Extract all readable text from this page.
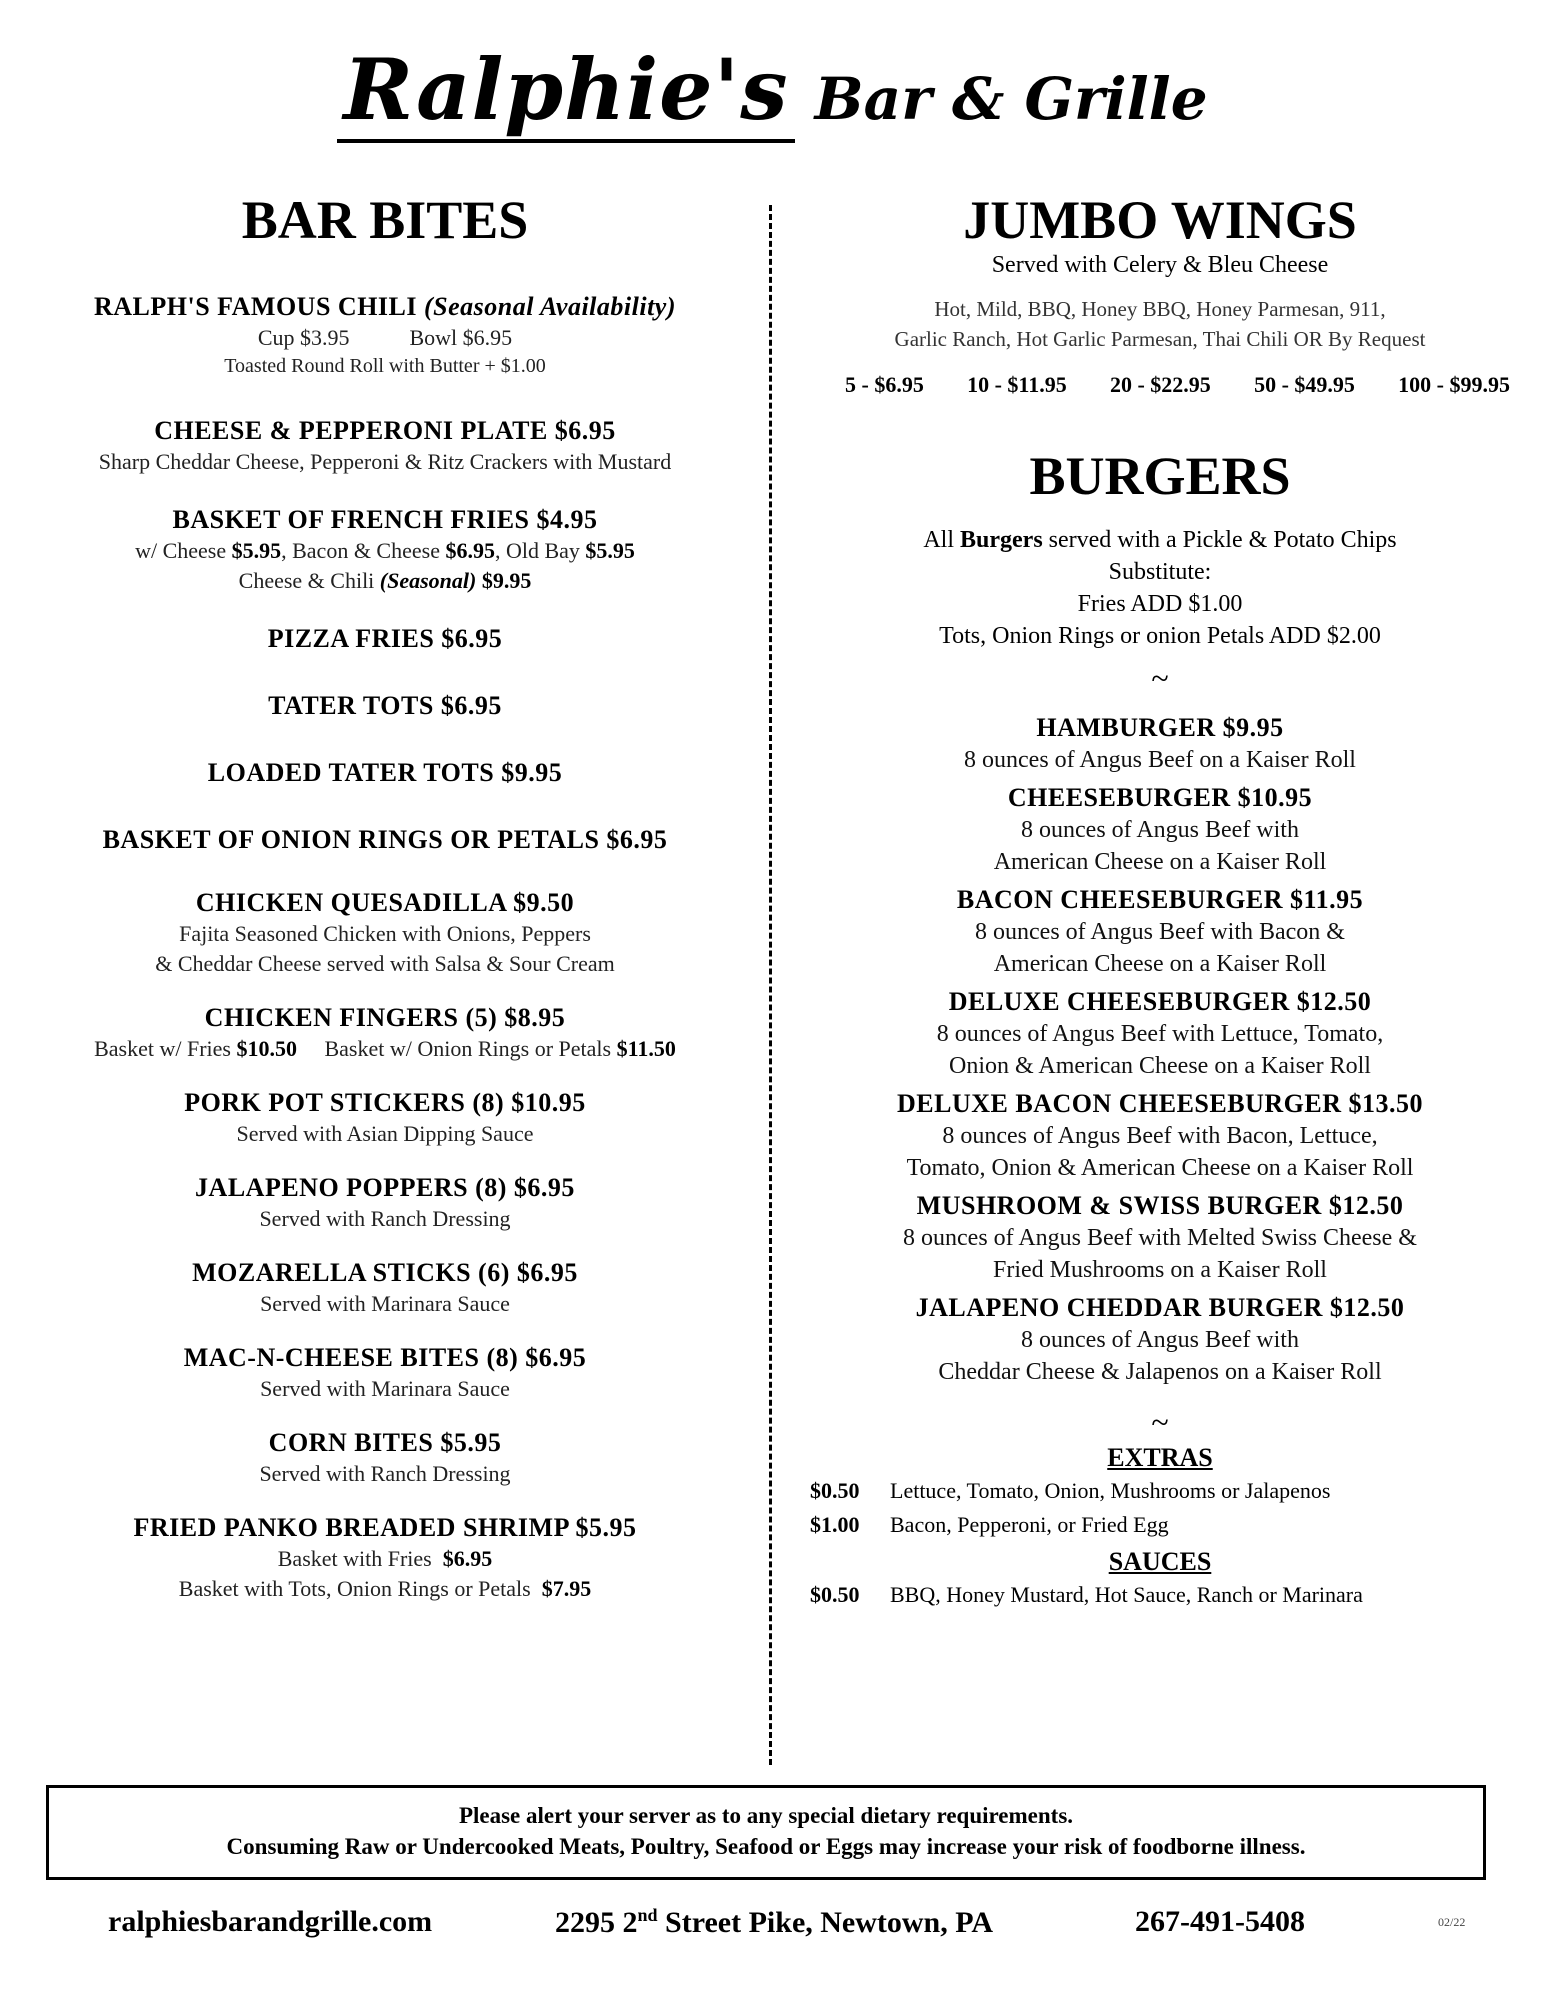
Ralphie's Bar & Grille
BAR BITES
RALPH'S FAMOUS CHILI (Seasonal Availability)
Cup $3.95	Bowl $6.95
Toasted Round Roll with Butter + $1.00
CHEESE & PEPPERONI PLATE $6.95
Sharp Cheddar Cheese, Pepperoni & Ritz Crackers with Mustard
BASKET OF FRENCH FRIES $4.95
w/ Cheese $5.95, Bacon & Cheese $6.95, Old Bay $5.95
Cheese & Chili (Seasonal) $9.95
PIZZA FRIES $6.95
TATER TOTS $6.95
LOADED TATER TOTS $9.95
BASKET OF ONION RINGS OR PETALS $6.95
CHICKEN QUESADILLA $9.50
Fajita Seasoned Chicken with Onions, Peppers
& Cheddar Cheese served with Salsa & Sour Cream
CHICKEN FINGERS (5) $8.95
Basket w/ Fries $10.50     Basket w/ Onion Rings or Petals $11.50
PORK POT STICKERS (8) $10.95
Served with Asian Dipping Sauce
JALAPENO POPPERS (8) $6.95
Served with Ranch Dressing
MOZARELLA STICKS (6) $6.95
Served with Marinara Sauce
MAC-N-CHEESE BITES (8) $6.95
Served with Marinara Sauce
CORN BITES $5.95
Served with Ranch Dressing
FRIED PANKO BREADED SHRIMP $5.95
Basket with Fries  $6.95
Basket with Tots, Onion Rings or Petals  $7.95
JUMBO WINGS
Served with Celery & Bleu Cheese
Hot, Mild, BBQ, Honey BBQ, Honey Parmesan, 911,
Garlic Ranch, Hot Garlic Parmesan, Thai Chili OR By Request
5 - $6.95 10 - $11.95 20 - $22.95 50 - $49.95 100 - $99.95
BURGERS
All Burgers served with a Pickle & Potato Chips
Substitute:
Fries ADD $1.00
Tots, Onion Rings or onion Petals ADD $2.00
~
HAMBURGER $9.95
8 ounces of Angus Beef on a Kaiser Roll
CHEESEBURGER $10.95
8 ounces of Angus Beef with
American Cheese on a Kaiser Roll
BACON CHEESEBURGER $11.95
8 ounces of Angus Beef with Bacon &
American Cheese on a Kaiser Roll
DELUXE CHEESEBURGER $12.50
8 ounces of Angus Beef with Lettuce, Tomato,
Onion & American Cheese on a Kaiser Roll
DELUXE BACON CHEESEBURGER $13.50
8 ounces of Angus Beef with Bacon, Lettuce,
Tomato, Onion & American Cheese on a Kaiser Roll
MUSHROOM & SWISS BURGER $12.50
8 ounces of Angus Beef with Melted Swiss Cheese &
Fried Mushrooms on a Kaiser Roll
JALAPENO CHEDDAR BURGER $12.50
8 ounces of Angus Beef with
Cheddar Cheese & Jalapenos on a Kaiser Roll
~
EXTRAS
$0.50	Lettuce, Tomato, Onion, Mushrooms or Jalapenos
$1.00	Bacon, Pepperoni, or Fried Egg
SAUCES
$0.50	BBQ, Honey Mustard, Hot Sauce, Ranch or Marinara
Please alert your server as to any special dietary requirements.
Consuming Raw or Undercooked Meats, Poultry, Seafood or Eggs may increase your risk of foodborne illness.
ralphiesbarandgrille.com	2295 2nd Street Pike, Newtown, PA	267-491-5408	02/22
